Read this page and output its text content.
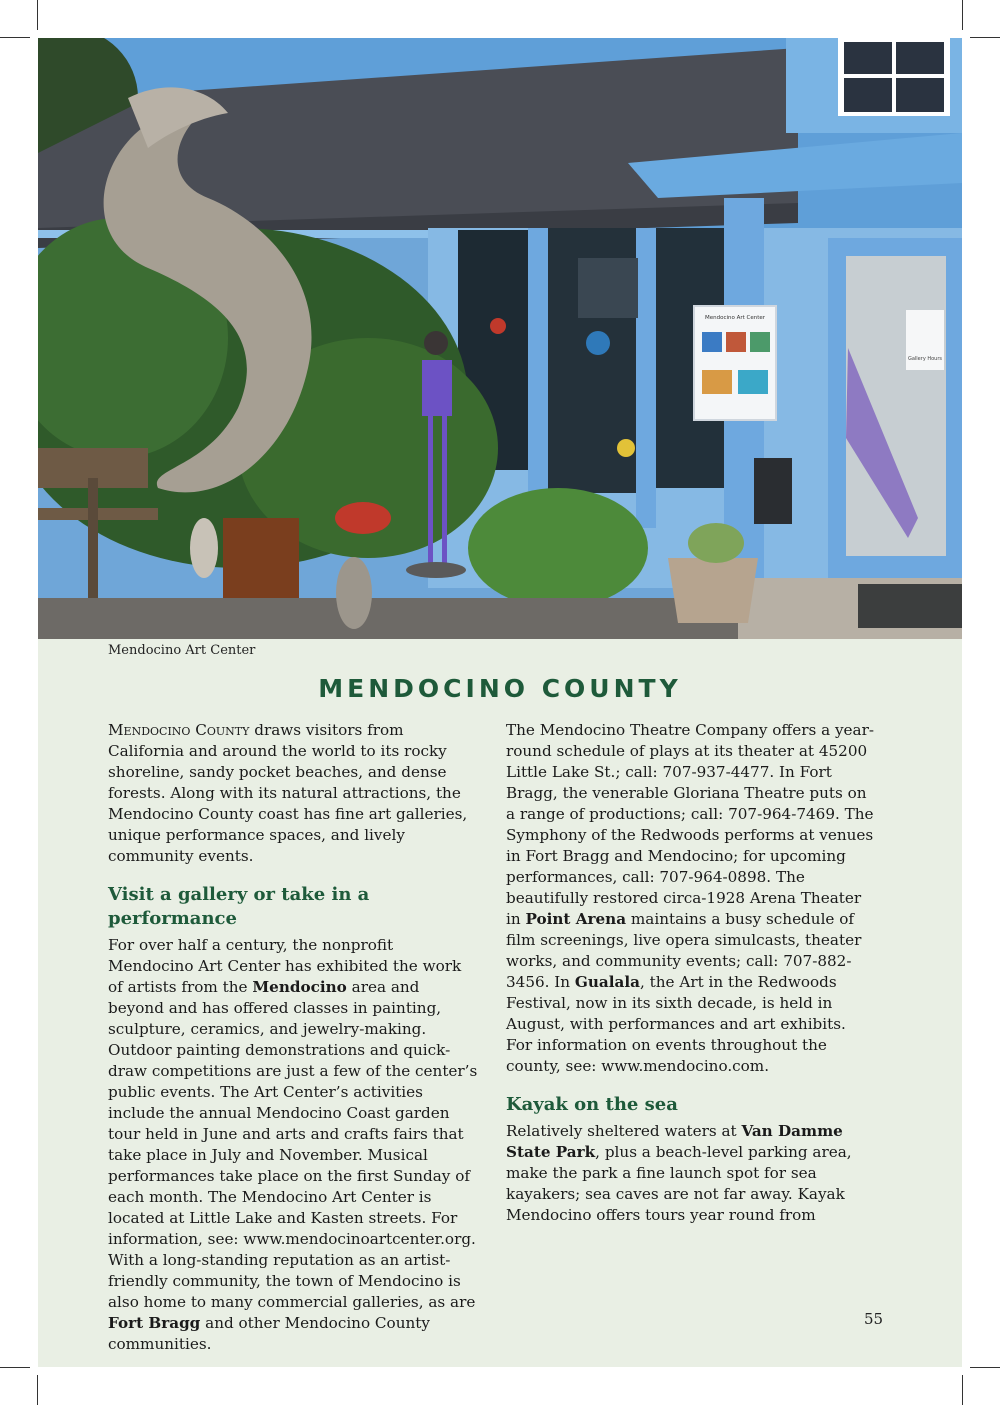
Mendocino Art Center
Gallery Hours
Mendocino Art Center
MENDOCINO COUNTY

Mendocino County draws visitors from California and around the world to its rocky shoreline, sandy pocket beaches, and dense forests. Along with its natural attractions, the Mendocino County coast has fine art galleries, unique performance spaces, and lively community events.

Visit a gallery or take in a performance

For over half a century, the nonprofit Mendocino Art Center has exhibited the work of artists from the Mendocino area and beyond and has offered classes in painting, sculpture, ceramics, and jewelry-making. Outdoor painting demonstrations and quick-draw competitions are just a few of the center’s public events. The Art Center’s activities include the annual Mendocino Coast garden tour held in June and arts and crafts fairs that take place in July and November. Musical performances take place on the first Sunday of each month. The Mendocino Art Center is located at Little Lake and Kasten streets. For information, see: www.mendocinoartcenter.org. With a long-standing reputation as an artist-friendly community, the town of Mendocino is also home to many commercial galleries, as are Fort Bragg and other Mendocino County communities.

The Mendocino Theatre Company offers a year-round schedule of plays at its theater at 45200 Little Lake St.; call: 707-937-4477. In Fort Bragg, the venerable Gloriana Theatre puts on a range of productions; call: 707-964-7469. The Symphony of the Redwoods performs at venues in Fort Bragg and Mendocino; for upcoming performances, call: 707-964-0898. The beautifully restored circa-1928 Arena Theater in Point Arena maintains a busy schedule of film screenings, live opera simulcasts, theater works, and community events; call: 707-882-3456. In Gualala, the Art in the Redwoods Festival, now in its sixth decade, is held in August, with performances and art exhibits. For information on events throughout the county, see: www.mendocino.com.

Kayak on the sea

Relatively sheltered waters at Van Damme State Park, plus a beach-level parking area, make the park a fine launch spot for sea kayakers; sea caves are not far away. Kayak Mendocino offers tours year round from

55
